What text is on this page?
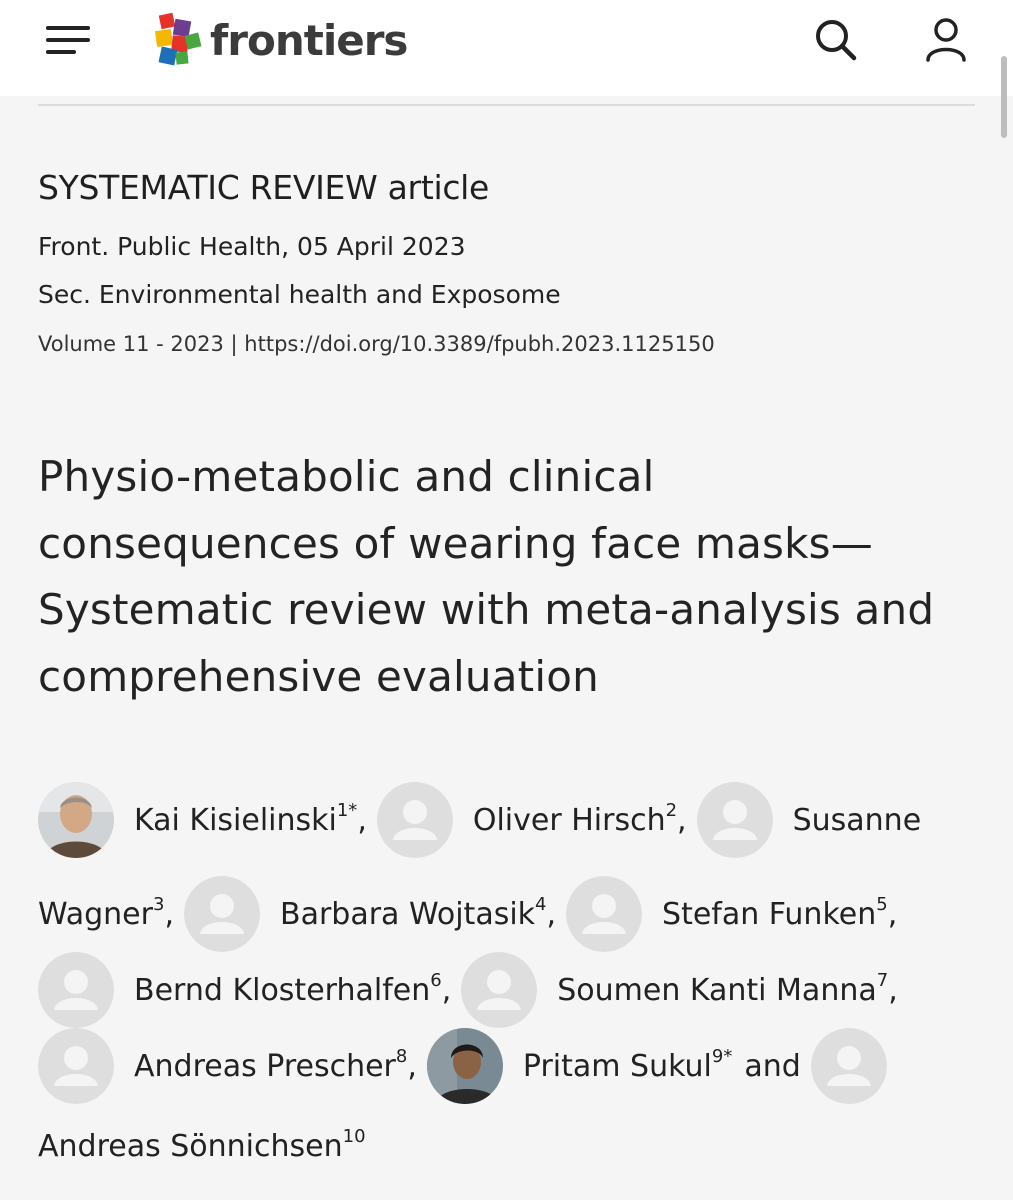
frontiers
SYSTEMATIC REVIEW article
Front. Public Health, 05 April 2023
Sec. Environmental health and Exposome
Volume 11 - 2023 | https://doi.org/10.3389/fpubh.2023.1125150
Physio-metabolic and clinical
consequences of wearing face masks—
Systematic review with meta-analysis and
comprehensive evaluation
Kai Kisielinski$^{1*}$ ,	Oliver Hirsch$^2$ ,	Susanne
Wagner$^3$ ,	Barbara Wojtasik$^4$ ,	Stefan Funken$^5$ ,
Bernd Klosterhalfen$^6$ ,	Soumen Kanti Manna$^7$ ,
Andreas Prescher$^8$ ,	Pritam Sukul$^{9*}$ and
Andreas Sönnichsen$^{10}$
